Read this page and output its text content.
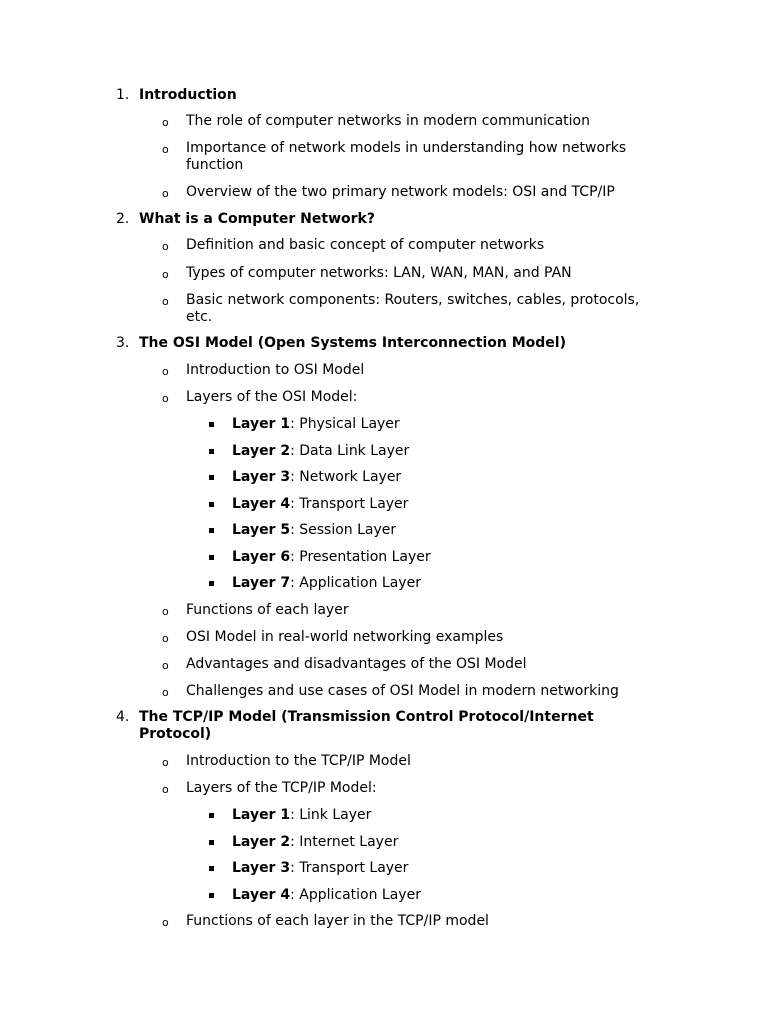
1. Introduction
o The role of computer networks in modern communication
o Importance of network models in understanding how networks function
o Overview of the two primary network models: OSI and TCP/IP
2. What is a Computer Network?
o Definition and basic concept of computer networks
o Types of computer networks: LAN, WAN, MAN, and PAN
o Basic network components: Routers, switches, cables, protocols, etc.
3. The OSI Model (Open Systems Interconnection Model)
o Introduction to OSI Model
o Layers of the OSI Model:
Layer 1: Physical Layer
Layer 2: Data Link Layer
Layer 3: Network Layer
Layer 4: Transport Layer
Layer 5: Session Layer
Layer 6: Presentation Layer
Layer 7: Application Layer
o Functions of each layer
o OSI Model in real-world networking examples
o Advantages and disadvantages of the OSI Model
o Challenges and use cases of OSI Model in modern networking
4. The TCP/IP Model (Transmission Control Protocol/Internet Protocol)
o Introduction to the TCP/IP Model
o Layers of the TCP/IP Model:
Layer 1: Link Layer
Layer 2: Internet Layer
Layer 3: Transport Layer
Layer 4: Application Layer
o Functions of each layer in the TCP/IP model
